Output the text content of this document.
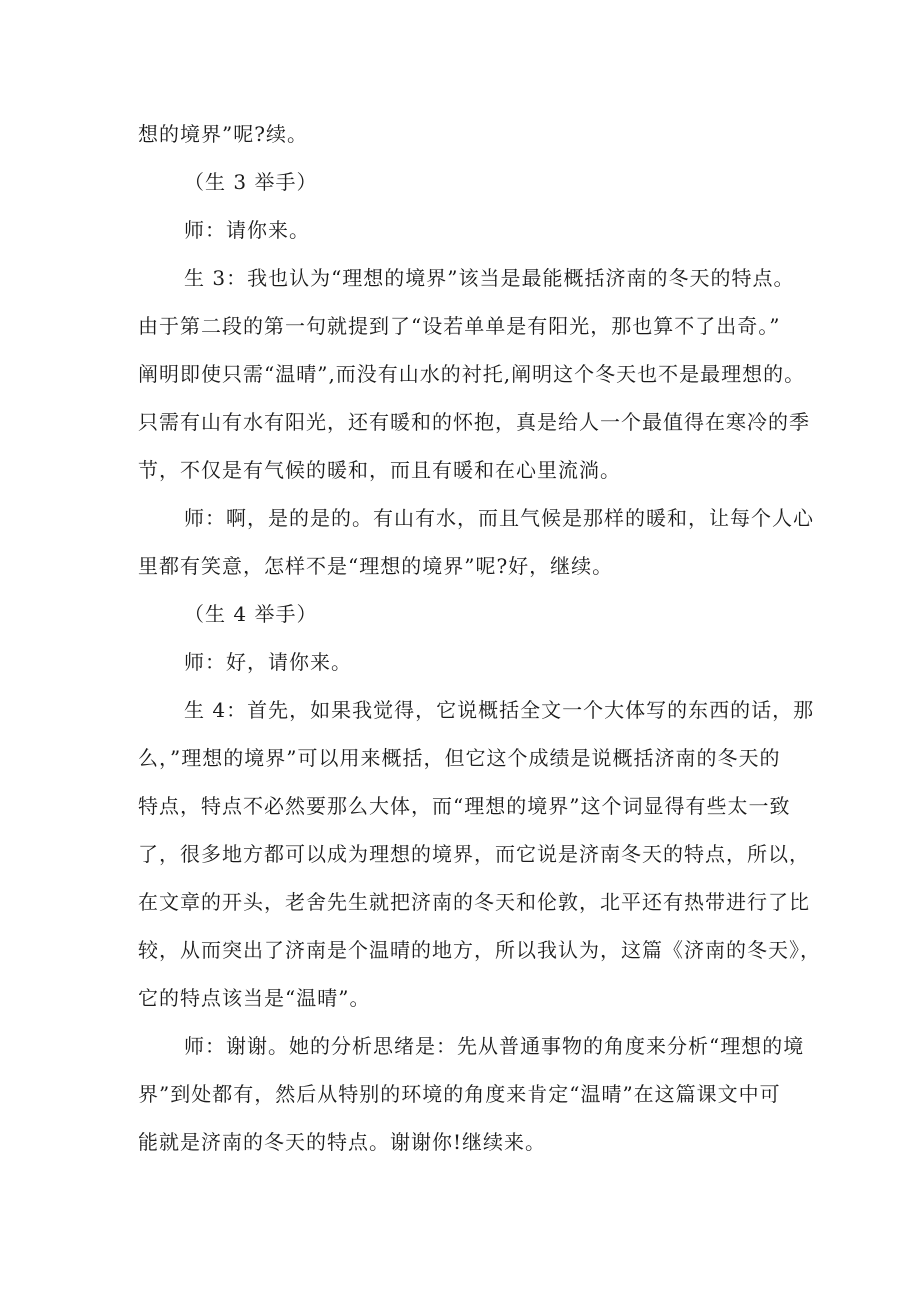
想的境界”呢?续。
（生 3 举手）
师：请你来。
生 3：我也认为“理想的境界”该当是最能概括济南的冬天的特点。
由于第二段的第一句就提到了“设若单单是有阳光，那也算不了出奇。”
阐明即使只需“温晴”,而没有山水的衬托,阐明这个冬天也不是最理想的。
只需有山有水有阳光，还有暖和的怀抱，真是给人一个最值得在寒冷的季
节，不仅是有气候的暖和，而且有暖和在心里流淌。
师：啊，是的是的。有山有水，而且气候是那样的暖和，让每个人心
里都有笑意，怎样不是“理想的境界”呢?好，继续。
（生 4 举手）
师：好，请你来。
生 4：首先，如果我觉得，它说概括全文一个大体写的东西的话，那
么，”理想的境界”可以用来概括，但它这个成绩是说概括济南的冬天的
特点，特点不必然要那么大体，而“理想的境界”这个词显得有些太一致
了，很多地方都可以成为理想的境界，而它说是济南冬天的特点，所以，
在文章的开头，老舍先生就把济南的冬天和伦敦，北平还有热带进行了比
较，从而突出了济南是个温晴的地方，所以我认为，这篇《济南的冬天》，
它的特点该当是“温晴”。
师：谢谢。她的分析思绪是：先从普通事物的角度来分析“理想的境
界”到处都有，然后从特别的环境的角度来肯定“温晴”在这篇课文中可
能就是济南的冬天的特点。谢谢你!继续来。
